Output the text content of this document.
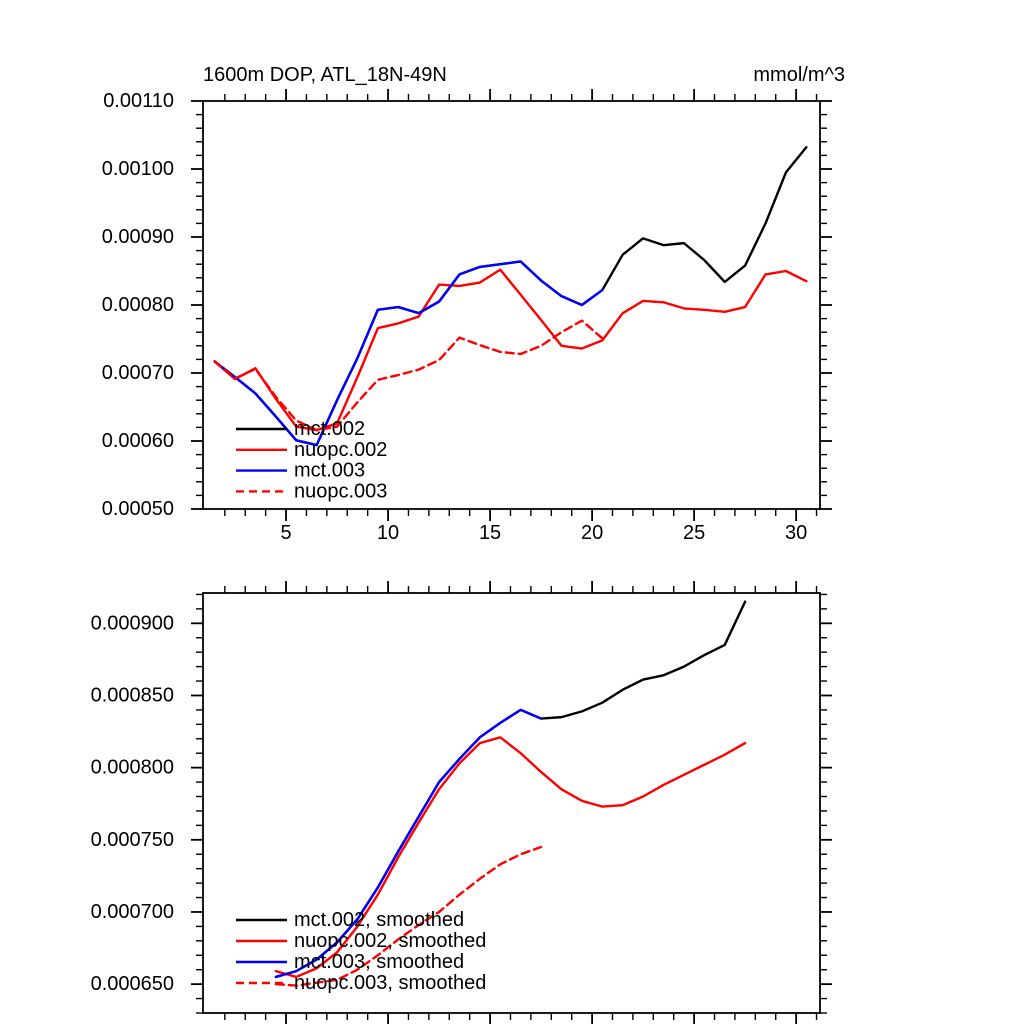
1600m DOP, ATL_18N-49N	mmol/m^3
5	10	15	20	25	30
0.00110
0.00100
0.00090
0.00080
0.00070
0.00060
0.00050
mct.002
nuopc.002
mct.003
nuopc.003
0.000900
0.000850
0.000800
0.000750
0.000700
0.000650
mct.002, smoothed
nuopc.002, smoothed
mct.003, smoothed
nuopc.003, smoothed
